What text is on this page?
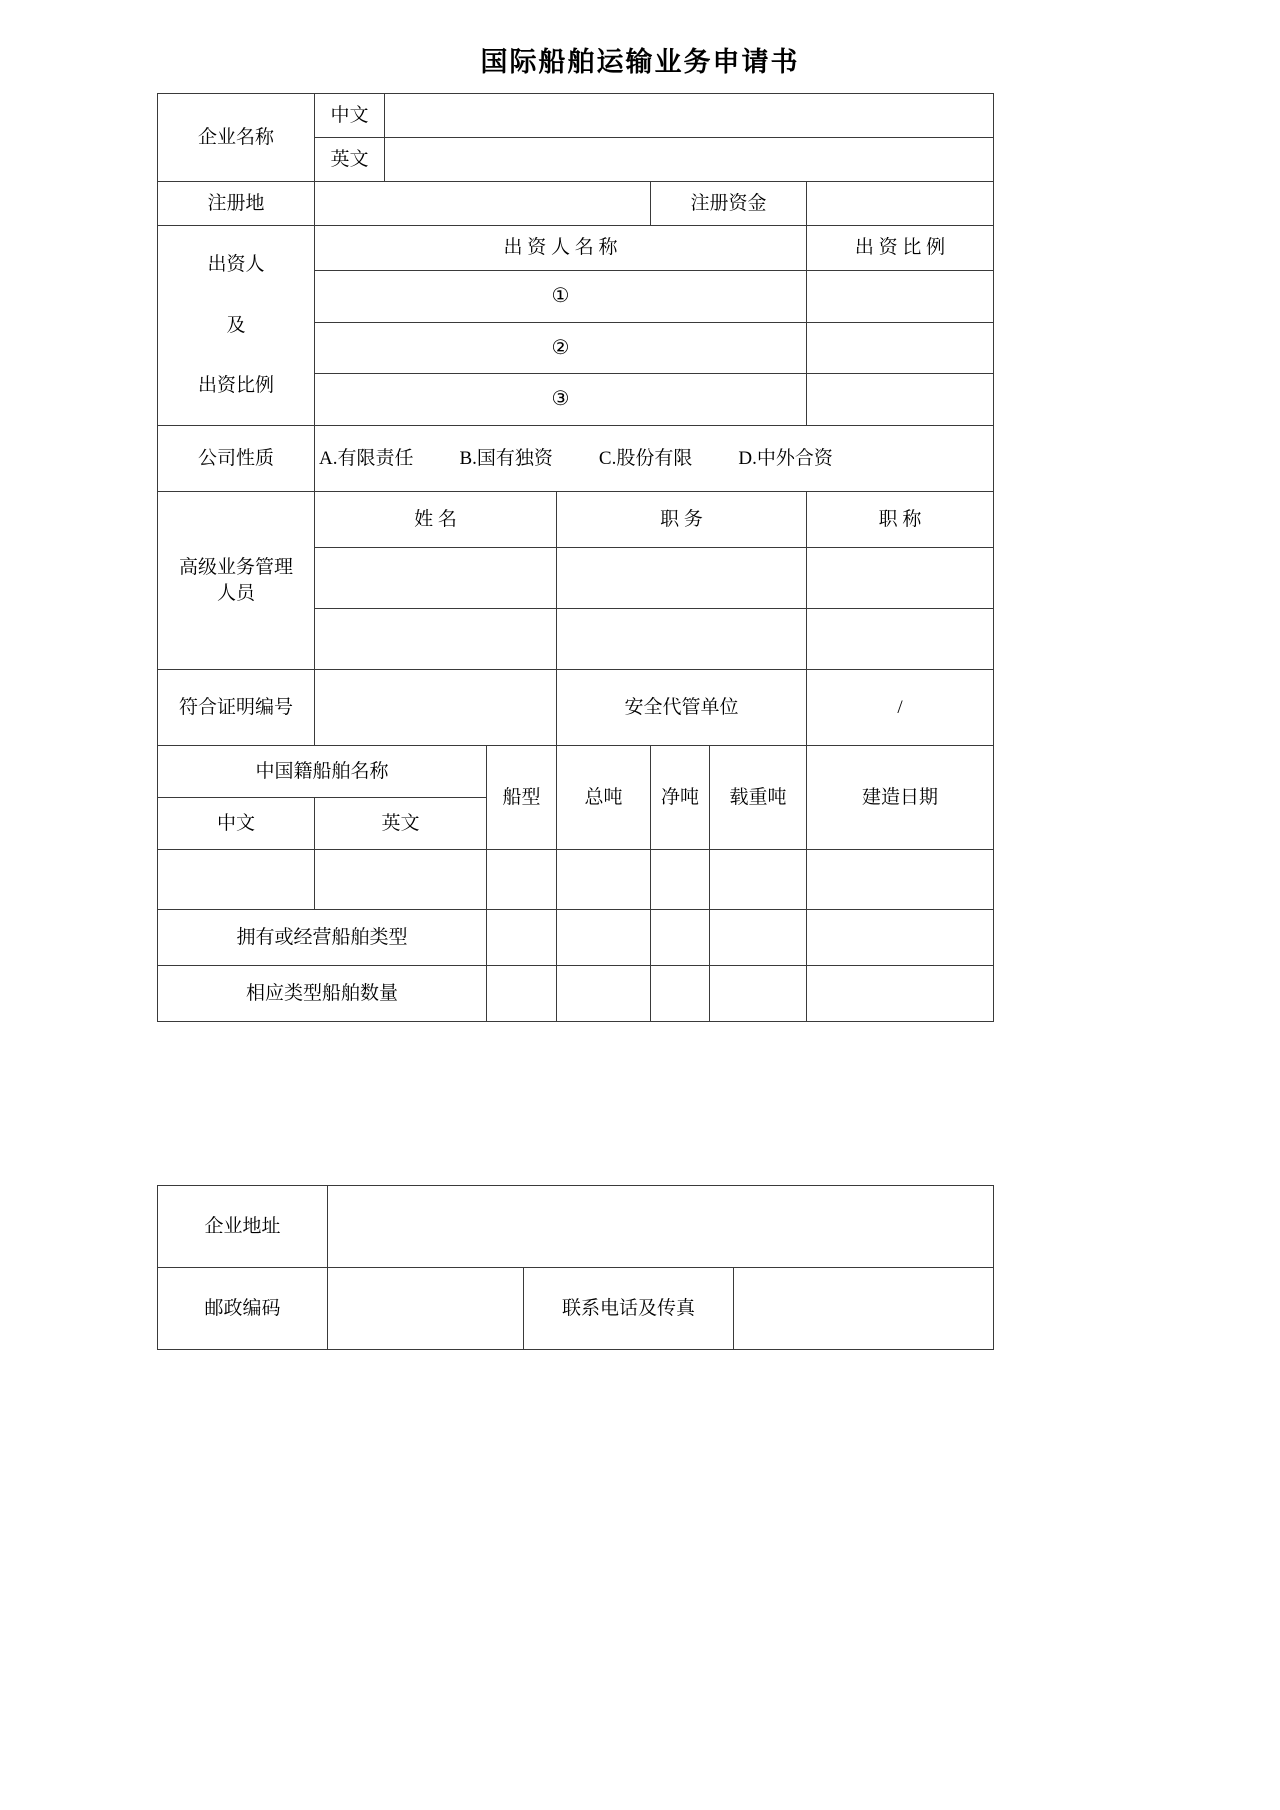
国际船舶运输业务申请书
企业名称	中文						
	英文						
注册地					注册资金		

出资人
及
出资比例	出 资 人 名 称						出 资 比 例
	①						
	②						
	③						
公司性质	A.有限责任 B.国有独资 C.股份有限 D.中外合资						

高级业务管理
人员	姓 名			职 务			职 称

符合证明编号				安全代管单位			/
中国籍船舶名称			船型	总吨	净吨	载重吨	建造日期
中文	英文						

拥有或经营船舶类型							
相应类型船舶数量							
企业地址			
邮政编码		联系电话及传真	
